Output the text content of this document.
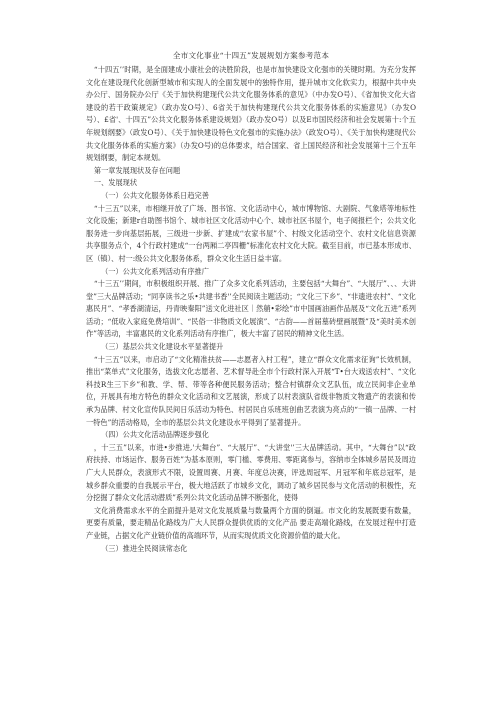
全市文化事业“十四五”发展规划方案参考范本

“十四五’’时期，是全面建成小康社会的决胜阶段，也是市加快建设文化强市的关键时期。为充分发挥文化在建设现代化创新型城市和实现人的全面发展中的独特作用，提升城市文化软实力，根据中共中央办公厅、国务院办公厅《关于加快构建现代公共文化服务体系的意见》（中办发O号）、《省加快文化大省建设的若干政策规定》（政办发O号）、6省关于加快构建现代公共文化服务体系的实施意见》（办发O号）、£省'、十四五”公共文化服务体系建设规划》（政办发O号）以及E市国民经济和社会发展第十:个五年规划纲要》（政发O号）、《关于加快建设特色文化强市的实施办法》（政发O号）、《关于加快构建现代公共文化服务体系的实施方案》（办发O号)的总体要求，结合国家、省上国民经济和社会发展第十三个五年规划纲要，制定本规划。

第一章发展现状及存在问题

一、发展现状

（一）公共文化服务体系日趋完善

“十三五”以来，市相继开放了广场、图书馆、文化活动中心，城市博物馆、大剧院、气象塔等地标性文化设施；新建r自助图书馆个、城市社区文化活动中心个、城市社区书屋个，电子阅报栏个；公共文化服务进一步向基层拓展，三级进一步新、扩建成‘'农家书屋”个、村级文化活动空个、农村文化信息资源共享服务点个，4个行政村建成“一台两厢二亭四栅”标准化农村文化大院。截至目前，市已基本形成市、区（镇）、村一:级公共文化服务体系，群众文化生活日益丰富。

（一）公共文化系列活动有序推广

“十三五’’期间，市积极组织开展、推广了众多文化系列活动，主要包括“大舞台”、“大展厅”、、、大讲堂”三大品牌活动；“同享读书之乐•共建书香'’全民阅读主题活动；“文化三下乡”、“非遗进农村”、“文化惠民月”、“孝香湖清运，丹青映秦阳”送文化进社区｜然艄•彩绘”市中国画油画作品展及“文化五进”系列活动；“低收入家庭免费培训”、“民俗一非物质文化展演”、“古韵——首届墓砖壁画展暨”及“美时美术创作”等活动，丰富惠民的文化系列活动有序推广，极大丰富了居民的精神文化生活。

（三）基层公共文化建设水平显著提升

“十三五”以来，市启动了“文化精准扶贫——志愿者入村工程”，建立“群众文化需求征询”长效机制，推出“菜单式”文化服务，选拔文化志愿者、艺术督导赴全市个行政村深入开展“T•台大戏送农村”、“文化科技R生三下乡”和教、学、帮、带等各种便民服务活动；整合村镇群众文艺队伍，成立民间非企业单位，开展具有地方特色的群众文化活动和文艺展演，形成了以村表演队省级非物质文物遗产的表演和传承为品牌、村文化宣传队民间日乐活动为特色、村居民自乐班班创曲艺表演为亮点的“一镇一品牌、一村一特色”的活动格局，全市的基层公共文化建设水平得到了显著提升。

（四）公共文化活动品牌逐步强化

，十三五”以来，市进•步推进,'大舞台”、“大展厅”、“大讲堂'’三大品牌活动。其中，“大舞台”以“政府扶持、市场运作、服务百姓”为基本原则，零门槛、零费用、零距离参与，容纳市全体城乡居民及周边广大人民群众，表演形式不限，设置周赛、月赛、年度总决赛，评选周冠军、月冠军和年底总冠军，是城乡群众重要的自我展示平台，极大地活跃了市城乡文化，调动了城乡居民参与文化活动的积极性，充分挖掘了群众文化活动潜质”系列公共文化活动品牌不断强化，使得

文化消费需求水平的全面提升是对文化发展质量与数量两个方面的倒逼。市文化的发展既要有数量，更要有质量，要走精品化路线为广大人民群众提供优质的文化产品 要走高端化路线，在发展过程中打造产业链，占据文化产业链价值的高端环节，从而实现优质文化资源价值的最大化。

（三）推进全民阅读常态化
